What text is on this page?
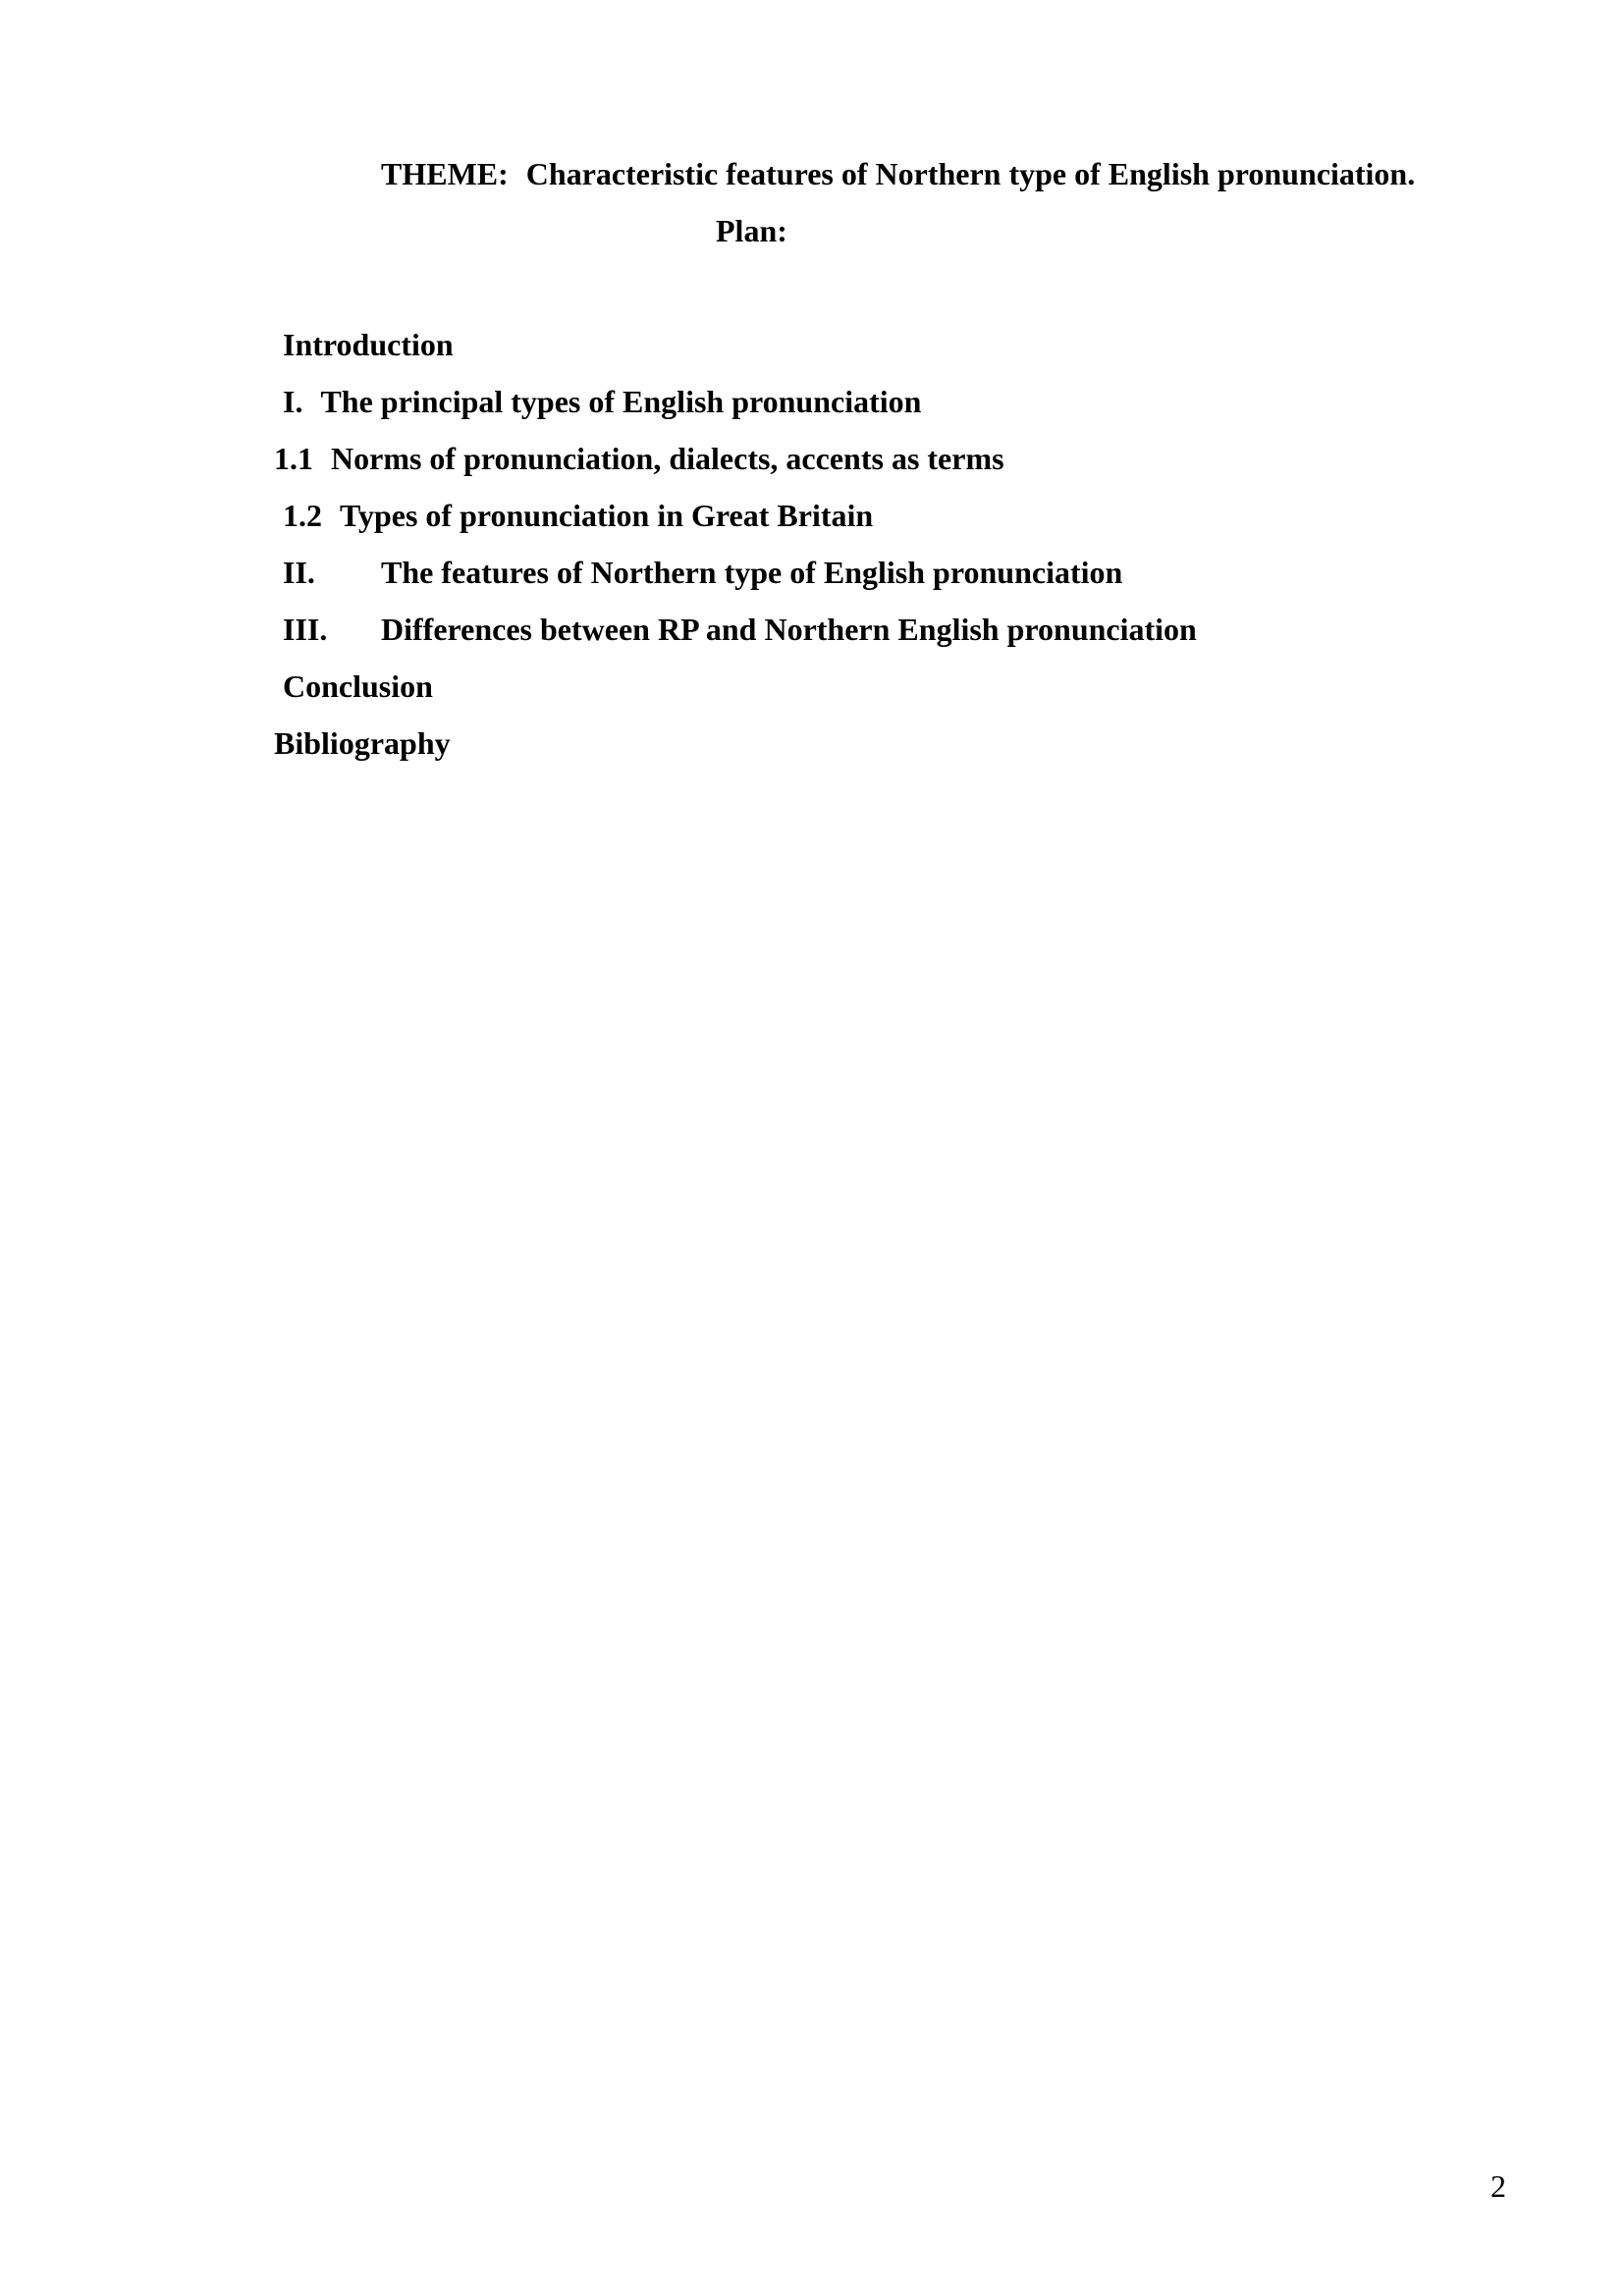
THEME: Characteristic features of Northern type of English pronunciation.
Plan:
Introduction
I. The principal types of English pronunciation
1.1 Norms of pronunciation, dialects, accents as terms
1.2 Types of pronunciation in Great Britain
II. The features of Northern type of English pronunciation
III. Differences between RP and Northern English pronunciation
Conclusion
Bibliography
2
